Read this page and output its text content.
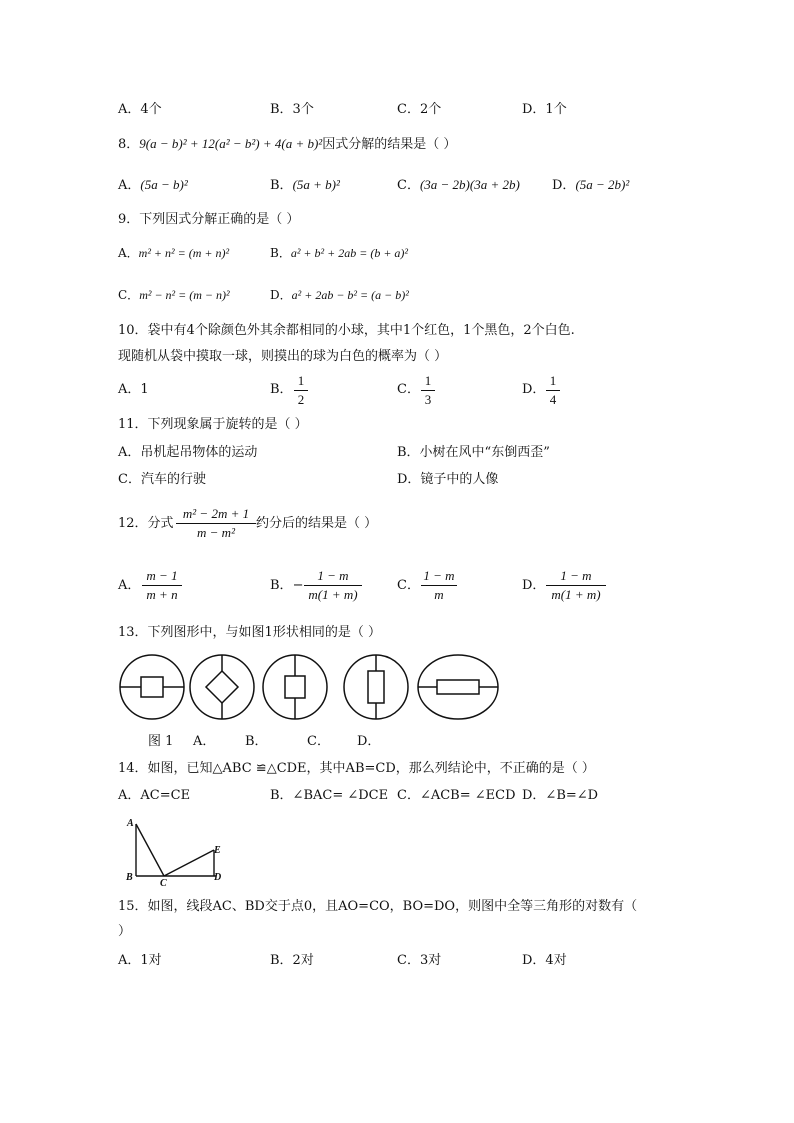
A．4个	B．3个	C．2个	D．1个
8．9(a − b)² + 12(a² − b²) + 4(a + b)²因式分解的结果是（ ）
A．(5a − b)²	B．(5a + b)²	C．(3a − 2b)(3a + 2b) D．(5a − 2b)²
9．下列因式分解正确的是（ ）
A．m² + n² = (m + n)²	B．a² + b² + 2ab = (b + a)²
C．m² − n² = (m − n)²	D．a² + 2ab − b² = (a − b)²
10．袋中有4个除颜色外其余都相同的小球，其中1个红色，1个黑色，2个白色.
现随机从袋中摸取一球，则摸出的球为白色的概率为（ ）
A．1	B．
1
2
C．
1
3
D．
1
4
11．下列现象属于旋转的是（ ）
A．吊机起吊物体的运动	B．小树在风中“东倒西歪”
C．汽车的行驶	D．镜子中的人像
12．分式
m² − 2m + 1
m − m²
约分后的结果是（ ）
A．
m − 1
m + n
B．−
1 − m
m(1 + m)
C．
1 − m
m
D．
1 − m
m(1 + m)
13．下列图形中，与如图1形状相同的是（ ）
图 1 A． B．	C． D．
14．如图，已知△ABC ≌△CDE，其中AB=CD，那么列结论中，不正确的是（ ）
A．AC=CE	B．∠BAC= ∠DCE C．∠ACB= ∠ECD D．∠B=∠D
A
B
C
D
E
15．如图，线段AC、BD交于点0，且AO=CO，BO=DO，则图中全等三角形的对数有（
）
A．1对	B．2对	C．3对	D．4对
